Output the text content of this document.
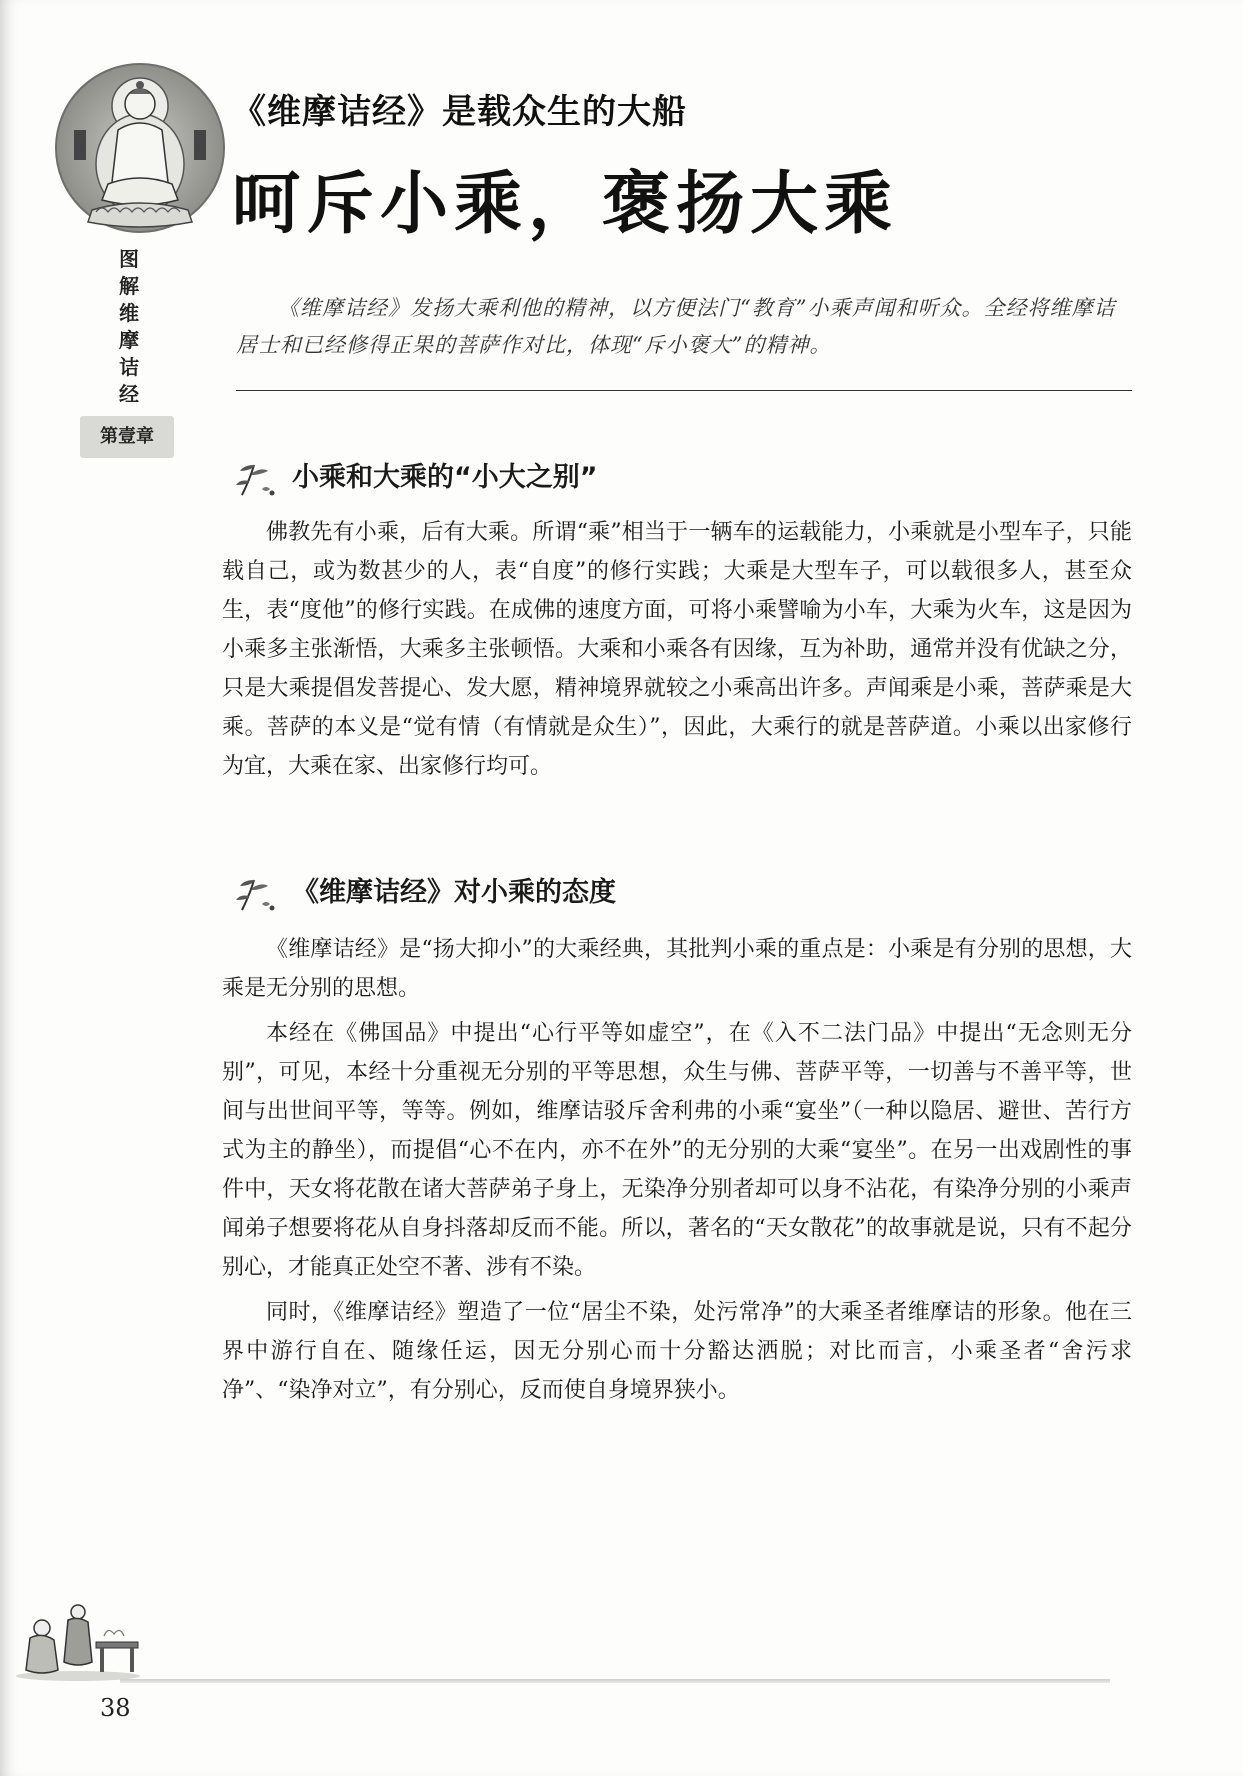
图解维摩诘经
第壹章
《维摩诘经》是载众生的大船
呵斥小乘，褒扬大乘

《维摩诘经》发扬大乘利他的精神，以方便法门“教育”小乘声闻和听众。全经将维摩诘居士和已经修得正果的菩萨作对比，体现“斥小褒大”的精神。

小乘和大乘的“小大之别”

佛教先有小乘，后有大乘。所谓“乘”相当于一辆车的运载能力，小乘就是小型车子，只能载自己，或为数甚少的人，表“自度”的修行实践；大乘是大型车子，可以载很多人，甚至众生，表“度他”的修行实践。在成佛的速度方面，可将小乘譬喻为小车，大乘为火车，这是因为小乘多主张渐悟，大乘多主张顿悟。大乘和小乘各有因缘，互为补助，通常并没有优缺之分，只是大乘提倡发菩提心、发大愿，精神境界就较之小乘高出许多。声闻乘是小乘，菩萨乘是大乘。菩萨的本义是“觉有情（有情就是众生）”，因此，大乘行的就是菩萨道。小乘以出家修行为宜，大乘在家、出家修行均可。

《维摩诘经》对小乘的态度

《维摩诘经》是“扬大抑小”的大乘经典，其批判小乘的重点是：小乘是有分别的思想，大乘是无分别的思想。

本经在《佛国品》中提出“心行平等如虚空”，在《入不二法门品》中提出“无念则无分别”，可见，本经十分重视无分别的平等思想，众生与佛、菩萨平等，一切善与不善平等，世间与出世间平等，等等。例如，维摩诘驳斥舍利弗的小乘“宴坐”（一种以隐居、避世、苦行方式为主的静坐），而提倡“心不在内，亦不在外”的无分别的大乘“宴坐”。在另一出戏剧性的事件中，天女将花散在诸大菩萨弟子身上，无染净分别者却可以身不沾花，有染净分别的小乘声闻弟子想要将花从自身抖落却反而不能。所以，著名的“天女散花”的故事就是说，只有不起分别心，才能真正处空不著、涉有不染。

同时，《维摩诘经》塑造了一位“居尘不染，处污常净”的大乘圣者维摩诘的形象。他在三界中游行自在、随缘任运，因无分别心而十分豁达洒脱；对比而言，小乘圣者“舍污求净”、“染净对立”，有分别心，反而使自身境界狭小。

38
